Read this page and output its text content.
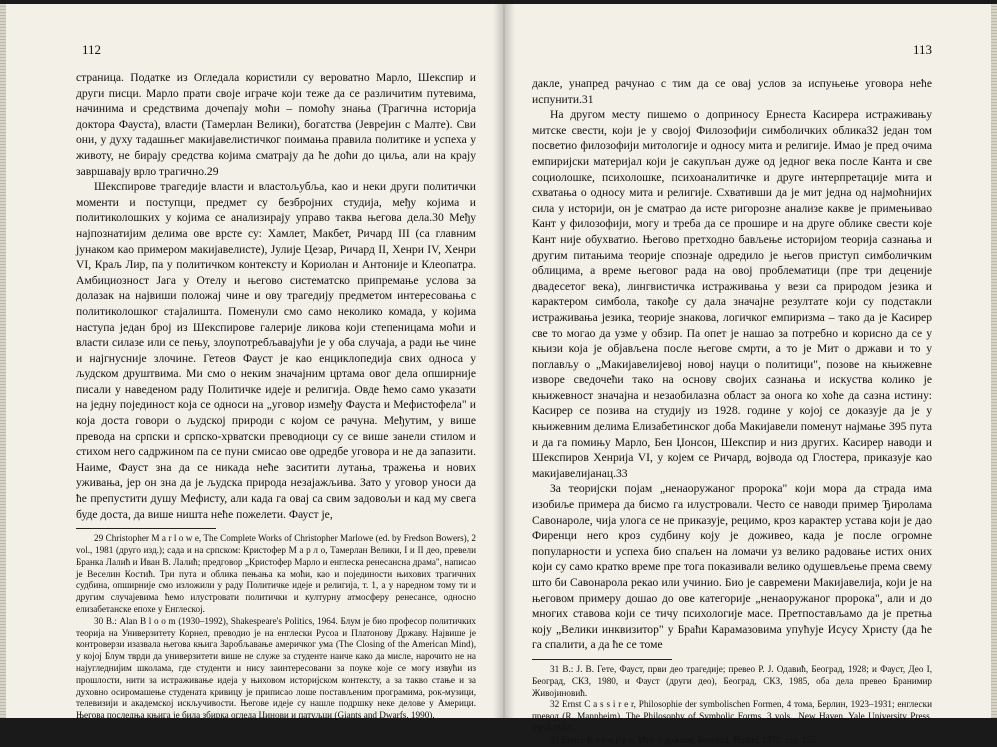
112

страница. Податке из Огледала користили су вероватно Марло, Шекспир и други писци. Марло прати своје играче који теже да се различитим путевима, начинима и средствима дочепају моћи – помоћу знања (Трагична историја доктора Фауста), власти (Тамерлан Велики), богатства (Јеврејин с Малте). Сви они, у духу тадашњег макијавелистичког поимања правила политике и успеха у животу, не бирају средства којима сматрају да ће доћи до циља, али на крају завршавају врло трагично.29

Шекспирове трагедије власти и властољубља, као и неки други политички моменти и поступци, предмет су безбројних студија, међу којима и политиколошких у којима се анализирају управо таква његова дела.30 Међу најпознатијим делима ове врсте су: Хамлет, Макбет, Ричард III (са главним јунаком као примером макијавелисте), Јулије Цезар, Ричард II, Хенри IV, Хенри VI, Краљ Лир, па у политичком контексту и Кориолан и Антоније и Клеопатра. Амбициозност Јага у Отелу и његово систематско припремање услова за долазак на највиши положај чине и ову трагедију предметом интересовања с политиколошког стајалишта. Поменули смо само неколико комада, у којима наступа један број из Шекспирове галерије ликова који степеницама моћи и власти силазе или се пењу, злоупотребљавајући је у оба случаја, а ради ње чине и најгнусније злочине. Гетеов Фауст је као енциклопедија свих односа у људском друштвима. Ми смо о неким значајним цртама овог дела опширније писали у наведеном раду Политичке идеје и религија. Овде ћемо само указати на једну појединост која се односи на „уговор између Фауста и Мефистофела" и која доста говори о људској природи с којом се рачуна. Међутим, у више превода на српски и српско-хрватски преводиоци су се више занели стилом и стихом него садржином па се пуни смисао ове одредбе уговора и не да запазити. Наиме, Фауст зна да се никада неће заситити лутања, тражења и нових уживања, јер он зна да је људска природа незајажљива. Зато у уговор уноси да ће препустити душу Мефисту, али када га овај са свим задовољи и кад му свега буде доста, да више ништа неће пожелети. Фауст је,

29 Christopher M a r l o w e, The Complete Works of Christopher Marlowe (ed. by Fredson Bowers), 2 vol., 1981 (друго изд.); сада и на српском: Кристофер М а р л о, Тамерлан Велики, I и II део, превели Бранка Лалић и Иван В. Лалић; предговор „Кристофер Марло и енглеска ренесансна драма", написао је Веселин Костић. Три пута и облика пењања ка моћи, као и појединости њихових трагичних судбина, опширније смо изложили у раду Политичке идеје и религија, т. 1, а у наредном тому ти и другим случајевима ћемо илустровати политички и културну атмосферу ренесансе, односно елизабетанске епохе у Енглеској.

30 В.: Alan B l o o m (1930–1992), Shakespeare's Politics, 1964. Блум је био професор политичких теорија на Универзитету Корнел, преводио је на енглески Русоа и Платонову Државу. Највише је контроверзи изазвала његова књига Заробљавање америчког ума (The Closing of the American Mind), у којој Блум тврди да универзитети више не служе за студенте наиче како да мисле, нарочито не на најугледнијим школама, где студенти и нису заинтересовани за поуке које се могу извући из прошлости, нити за истраживање идеја у њиховом историјском контексту, а за такво стање и за духовно осиромашење студената кривицу је приписао лоше постављеним програмима, рок-музици, телевизији и академској искључивости. Његове идеје су нашле подршку неке делове у Америци. Његова последња књига је била збирка огледа Џинови и патуљци (Giants and Dwarfs, 1990).

113

дакле, унапред рачунао с тим да се овај услов за испуњење уговора неће испунити.31

На другом месту пишемо о доприносу Ернеста Касирера истраживању митске свести, који је у својој Филозофији симболичких облика32 један том посветио филозофији митологије и односу мита и религије. Имао је пред очима емпиријски материјал који је сакупљан дуже од једног века после Канта и све социолошке, психолошке, психоаналитичке и друге интерпретације мита и схватања о односу мита и религије. Схвативши да је мит једна од најмоћнијих сила у историји, он је сматрао да исте ригорозне анализе какве је примењивао Кант у филозофији, могу и треба да се прошире и на друге облике свести које Кант није обухватио. Његово претходно бављење историјом теорија сазнања и другим питањима теорије спознаје одредило је његов приступ симболичким облицима, а време његовог рада на овој проблематици (пре три деценије двадесетог века), лингвистичка истраживања у вези са природом језика и карактером симбола, такође су дала значајне резултате који су подстакли истраживања језика, теорије знакова, логичког емпиризма – тако да је Касирер све то могао да узме у обзир. Па опет је нашао за потребно и корисно да се у књизи која је објављена после његове смрти, а то је Мит о држави и то у поглављу о „Макијавелијевој новој науци о политици", позове на књижевне изворе сведочећи тако на основу својих сазнања и искуства колико је књижевност значајна и незаобилазна област за онога ко хоће да сазна истину: Касирер се позива на студију из 1928. године у којој се доказује да је у књижевним делима Елизабетинског доба Макијавели поменут најмање 395 пута и да га помињу Марло, Бен Џонсон, Шекспир и низ других. Касирер наводи и Шекспиров Хенрија VI, у којем се Ричард, војвода од Глостера, приказује као макијавелијанац.33

За теоријски појам „ненаоружаног пророка" који мора да страда има изобиље примера да бисмо га илустровали. Често се наводи пример Ђиролама Савонароле, чија улога се не приказује, рецимо, кроз карактер устава који је дао Фиренци него кроз судбину коју је доживео, када је после огромне популарности и успеха био спаљен на ломачи уз велико радовање истих оних који су само кратко време пре тога показивали велико одушевљење према свему што би Савонарола рекао или учинио. Био је савремени Макијавелија, који је на његовом примеру дошао до ове категорије „ненаоружаног пророка", али и до многих ставова који се тичу психологије масе. Претпостављамо да је претња коју „Велики инквизитор" у Браћи Карамазовима упућује Исусу Христу (да ће га спалити, а да ће се томе

31 В.: J. В. Гете, Фауст, први део трагедије; превео Р. Ј. Одавић, Београд, 1928; и Фауст, Део I, Београд, СКЗ, 1980, и Фауст (други део), Београд, СКЗ, 1985, оба дела превео Бранимир Живојиновић.

32 Ernst C a s s i r e r, Philosophie der symbolischen Formen, 4 тома, Берлин, 1923–1931; енглески превод (R. Mannheim), The Philosophy of Symbolic Forms, 3 vols., New Haven, Yale University Press, 1953-1957.

33 Ернст К а с и р е р, Мит о држави, Београд, Нолит, 1972, стр. 135.
